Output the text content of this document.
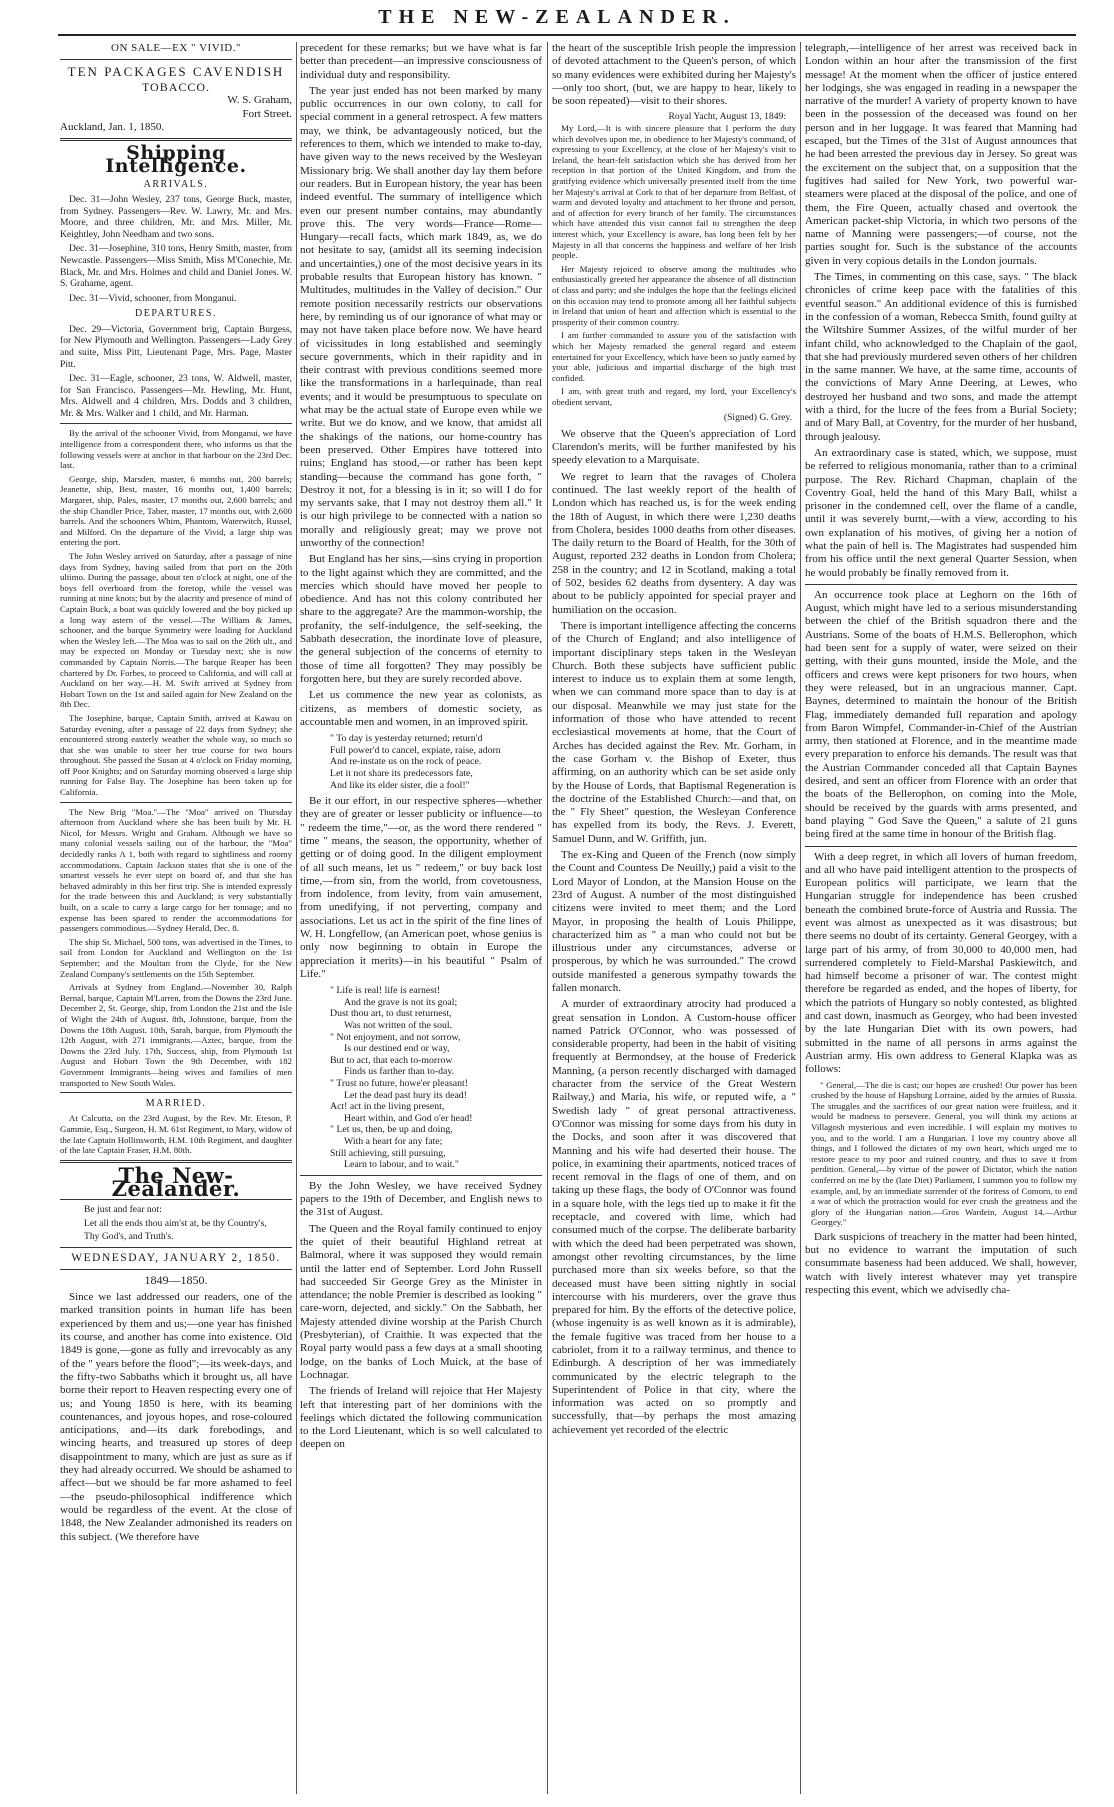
THE NEW-ZEALANDER.
ON SALE—EX " VIVID."
TEN PACKAGES CAVENDISH
TOBACCO.
W. S. Graham,
Fort Street.
Auckland, Jan. 1, 1850.
Shipping Intelligence.
ARRIVALS.

Dec. 31—John Wesley, 237 tons, George Buck, master, from Sydney. Passengers—Rev. W. Lawry, Mr. and Mrs. Moore, and three children, Mr. and Mrs. Miller, Mr. Keightley, John Needham and two sons.

Dec. 31—Josephine, 310 tons, Henry Smith, master, from Newcastle. Passengers—Miss Smith, Miss M'Conechie, Mr. Black, Mr. and Mrs. Holmes and child and Daniel Jones. W. S. Grahame, agent.

Dec. 31—Vivid, schooner, from Monganui.

DEPARTURES.

Dec. 29—Victoria, Government brig, Captain Burgess, for New Plymouth and Wellington. Passengers—Lady Grey and suite, Miss Pitt, Lieutenant Page, Mrs. Page, Master Pitt.

Dec. 31—Eagle, schooner, 23 tons, W. Aldwell, master, for San Francisco. Passengers—Mr. Hewling, Mr. Hunt, Mrs. Aldwell and 4 children, Mrs. Dodds and 3 children, Mr. & Mrs. Walker and 1 child, and Mr. Harman.

By the arrival of the schooner Vivid, from Monganui, we have intelligence from a correspondent there, who informs us that the following vessels were at anchor in that harbour on the 23rd Dec. last.

George, ship, Marsden, master, 6 months out, 200 barrels; Jeanette, ship, Best, master, 16 months out, 1,400 barrels; Margaret, ship, Pales, master, 17 months out, 2,600 barrels; and the ship Chandler Price, Taber, master, 17 months out, with 2,600 barrels. And the schooners Whim, Phantom, Waterwitch, Russel, and Milford. On the departure of the Vivid, a large ship was entering the port.

The John Wesley arrived on Saturday, after a passage of nine days from Sydney, having sailed from that port on the 20th ultimo. During the passage, about ten o'clock at night, one of the boys fell overboard from the foretop, while the vessel was running at nine knots; but by the alacrity and presence of mind of Captain Buck, a boat was quickly lowered and the boy picked up a long way astern of the vessel.—The William & James, schooner, and the barque Symmetry were loading for Auckland when the Wesley left.—The Moa was to sail on the 26th ult., and may be expected on Monday or Tuesday next; she is now commanded by Captain Norris.—The barque Reaper has been chartered by Dr. Forbes, to proceed to California, and will call at Auckland on her way.—H. M. Swift arrived at Sydney from Hobart Town on the 1st and sailed again for New Zealand on the 8th Dec.

The Josephine, barque, Captain Smith, arrived at Kawau on Saturday evening, after a passage of 22 days from Sydney; she encountered strong easterly weather the whole way, so much so that she was unable to steer her true course for two hours throughout. She passed the Susan at 4 o'clock on Friday morning, off Poor Knights; and on Saturday morning observed a large ship running for False Bay. The Josephine has been taken up for California.

The New Brig "Moa."—The "Moa" arrived on Thursday afternoon from Auckland where she has been built by Mr. H. Nicol, for Messrs. Wright and Graham. Although we have so many colonial vessels sailing out of the harbour, the "Moa" decidedly ranks A 1, both with regard to sightliness and roomy accommodations. Captain Jackson states that she is one of the smartest vessels he ever stept on board of, and that she has behaved admirably in this her first trip. She is intended expressly for the trade between this and Auckland; is very substantially built, on a scale to carry a large cargo for her tonnage; and no expense has been spared to render the accommodations for passengers commodious.—Sydney Herald, Dec. 8.

The ship St. Michael, 500 tons, was advertised in the Times, to sail from London for Auckland and Wellington on the 1st September; and the Moultan from the Clyde, for the New Zealand Company's settlements on the 15th September.

Arrivals at Sydney from England.—November 30, Ralph Bernal, barque, Captain M'Larren, from the Downs the 23rd June. December 2, St. George, ship, from London the 21st and the Isle of Wight the 24th of August. 8th, Johnstone, barque, from the Downs the 18th August. 10th, Sarah, barque, from Plymouth the 12th August, with 271 immigrants.—Aztec, barque, from the Downs the 23rd July. 17th, Success, ship, from Plymouth 1st August and Hobart Town the 9th December, with 182 Government Immigrants—being wives and families of men transported to New South Wales.

MARRIED.

At Calcutta, on the 23rd August, by the Rev. Mr. Eteson, P. Gammie, Esq., Surgeon, H. M. 61st Regiment, to Mary, widow of the late Captain Hollinsworth, H.M. 10th Regiment, and daughter of the late Captain Fraser, H.M. 80th.

The New-Zealander.
Be just and fear not:
Let all the ends thou aim'st at, be thy Country's,
Thy God's, and Truth's.
WEDNESDAY, JANUARY 2, 1850.
1849—1850.

Since we last addressed our readers, one of the marked transition points in human life has been experienced by them and us;—one year has finished its course, and another has come into existence. Old 1849 is gone,—gone as fully and irrevocably as any of the " years before the flood";—its week-days, and the fifty-two Sabbaths which it brought us, all have borne their report to Heaven respecting every one of us; and Young 1850 is here, with its beaming countenances, and joyous hopes, and rose-coloured anticipations, and—its dark forebodings, and wincing hearts, and treasured up stores of deep disappointment to many, which are just as sure as if they had already occurred. We should be ashamed to affect—but we should be far more ashamed to feel—the pseudo-philosophical indifference which would be regardless of the event. At the close of 1848, the New Zealander admonished its readers on this subject. (We therefore have

precedent for these remarks; but we have what is far better than precedent—an impressive consciousness of individual duty and responsibility.

The year just ended has not been marked by many public occurrences in our own colony, to call for special comment in a general retrospect. A few matters may, we think, be advantageously noticed, but the references to them, which we intended to make to-day, have given way to the news received by the Wesleyan Missionary brig. We shall another day lay them before our readers. But in European history, the year has been indeed eventful. The summary of intelligence which even our present number contains, may abundantly prove this. The very words—France—Rome—Hungary—recall facts, which mark 1849, as, we do not hesitate to say, (amidst all its seeming indecision and uncertainties,) one of the most decisive years in its probable results that European history has known. " Multitudes, multitudes in the Valley of decision." Our remote position necessarily restricts our observations here, by reminding us of our ignorance of what may or may not have taken place before now. We have heard of vicissitudes in long established and seemingly secure governments, which in their rapidity and in their contrast with previous conditions seemed more like the transformations in a harlequinade, than real events; and it would be presumptuous to speculate on what may be the actual state of Europe even while we write. But we do know, and we know, that amidst all the shakings of the nations, our home-country has been preserved. Other Empires have tottered into ruins; England has stood,—or rather has been kept standing—because the command has gone forth, " Destroy it not, for a blessing is in it; so will I do for my servants sake, that I may not destroy them all." It is our high privilege to be connected with a nation so morally and religiously great; may we prove not unworthy of the connection!

But England has her sins,—sins crying in proportion to the light against which they are committed, and the mercies which should have moved her people to obedience. And has not this colony contributed her share to the aggregate? Are the mammon-worship, the profanity, the self-indulgence, the self-seeking, the Sabbath desecration, the inordinate love of pleasure, the general subjection of the concerns of eternity to those of time all forgotten? They may possibly be forgotten here, but they are surely recorded above.

Let us commence the new year as colonists, as citizens, as members of domestic society, as accountable men and women, in an improved spirit.

" To day is yesterday returned; return'd
Full power'd to cancel, expiate, raise, adorn
And re-instate us on the rock of peace.
Let it not share its predecessors fate,
And like its elder sister, die a fool!"

Be it our effort, in our respective spheres—whether they are of greater or lesser publicity or influence—to " redeem the time,"—or, as the word there rendered " time " means, the season, the opportunity, whether of getting or of doing good. In the diligent employment of all such means, let us " redeem," or buy back lost time,—from sin, from the world, from covetousness, from indolence, from levity, from vain amusement, from unedifying, if not perverting, company and associations. Let us act in the spirit of the fine lines of W. H. Longfellow, (an American poet, whose genius is only now beginning to obtain in Europe the appreciation it merits)—in his beautiful " Psalm of Life."

" Life is real! life is earnest!
And the grave is not its goal;
Dust thou art, to dust returnest,
Was not written of the soul.
" Not enjoyment, and not sorrow,
Is our destined end or way,
But to act, that each to-morrow
Finds us farther than to-day.
" Trust no future, howe'er pleasant!
Let the dead past bury its dead!
Act! act in the living present,
Heart within, and God o'er head!
" Let us, then, be up and doing,
With a heart for any fate;
Still achieving, still pursuing,
Learn to labour, and to wait."

By the John Wesley, we have received Sydney papers to the 19th of December, and English news to the 31st of August.

The Queen and the Royal family continued to enjoy the quiet of their beautiful Highland retreat at Balmoral, where it was supposed they would remain until the latter end of September. Lord John Russell had succeeded Sir George Grey as the Minister in attendance; the noble Premier is described as looking " care-worn, dejected, and sickly." On the Sabbath, her Majesty attended divine worship at the Parish Church (Presbyterian), of Craithie. It was expected that the Royal party would pass a few days at a small shooting lodge, on the banks of Loch Muick, at the base of Lochnagar.

The friends of Ireland will rejoice that Her Majesty left that interesting part of her dominions with the feelings which dictated the following communication to the Lord Lieutenant, which is so well calculated to deepen on

the heart of the susceptible Irish people the impression of devoted attachment to the Queen's person, of which so many evidences were exhibited during her Majesty's—only too short, (but, we are happy to hear, likely to be soon repeated)—visit to their shores.

Royal Yacht, August 13, 1849:

My Lord,—It is with sincere pleasure that I perform the duty which devolves upon me, in obedience to her Majesty's command, of expressing to your Excellency, at the close of her Majesty's visit to Ireland, the heart-felt satisfaction which she has derived from her reception in that portion of the United Kingdom, and from the gratifying evidence which universally presented itself from the time her Majesty's arrival at Cork to that of her departure from Belfast, of warm and devoted loyalty and attachment to her throne and person, and of affection for every branch of her family. The circumstances which have attended this visit cannot fail to strengthen the deep interest which, your Excellency is aware, has long been felt by her Majesty in all that concerns the happiness and welfare of her Irish people.

Her Majesty rejoiced to observe among the multitudes who enthusiastically greeted her appearance the absence of all distinction of class and party; and she indulges the hope that the feelings elicited on this occasion may tend to promote among all her faithful subjects in Ireland that union of heart and affection which is essential to the prosperity of their common country.

I am further commanded to assure you of the satisfaction with which her Majesty remarked the general regard and esteem entertained for your Excellency, which have been so justly earned by your able, judicious and impartial discharge of the high trust confided.

I am, with great truth and regard, my lord, your Excellency's obedient servant,

(Signed) G. Grey.

We observe that the Queen's appreciation of Lord Clarendon's merits, will be further manifested by his speedy elevation to a Marquisate.

We regret to learn that the ravages of Cholera continued. The last weekly report of the health of London which has reached us, is for the week ending the 18th of August, in which there were 1,230 deaths from Cholera, besides 1000 deaths from other diseases. The daily return to the Board of Health, for the 30th of August, reported 232 deaths in London from Cholera; 258 in the country; and 12 in Scotland, making a total of 502, besides 62 deaths from dysentery. A day was about to be publicly appointed for special prayer and humiliation on the occasion.

There is important intelligence affecting the concerns of the Church of England; and also intelligence of important disciplinary steps taken in the Wesleyan Church. Both these subjects have sufficient public interest to induce us to explain them at some length, when we can command more space than to day is at our disposal. Meanwhile we may just state for the information of those who have attended to recent ecclesiastical movements at home, that the Court of Arches has decided against the Rev. Mr. Gorham, in the case Gorham v. the Bishop of Exeter, thus affirming, on an authority which can be set aside only by the House of Lords, that Baptismal Regeneration is the doctrine of the Established Church:—and that, on the " Fly Sheet" question, the Wesleyan Conference has expelled from its body, the Revs. J. Everett, Samuel Dunn, and W. Griffith, jun.

The ex-King and Queen of the French (now simply the Count and Countess De Neuilly,) paid a visit to the Lord Mayor of London, at the Mansion House on the 23rd of August. A number of the most distinguished citizens were invited to meet them; and the Lord Mayor, in proposing the health of Louis Philippe, characterized him as " a man who could not but be illustrious under any circumstances, adverse or prosperous, by which he was surrounded." The crowd outside manifested a generous sympathy towards the fallen monarch.

A murder of extraordinary atrocity had produced a great sensation in London. A Custom-house officer named Patrick O'Connor, who was possessed of considerable property, had been in the habit of visiting frequently at Bermondsey, at the house of Frederick Manning, (a person recently discharged with damaged character from the service of the Great Western Railway,) and Maria, his wife, or reputed wife, a " Swedish lady " of great personal attractiveness. O'Connor was missing for some days from his duty in the Docks, and soon after it was discovered that Manning and his wife had deserted their house. The police, in examining their apartments, noticed traces of recent removal in the flags of one of them, and on taking up these flags, the body of O'Connor was found in a square hole, with the legs tied up to make it fit the receptacle, and covered with lime, which had consumed much of the corpse. The deliberate barbarity with which the deed had been perpetrated was shown, amongst other revolting circumstances, by the lime purchased more than six weeks before, so that the deceased must have been sitting nightly in social intercourse with his murderers, over the grave thus prepared for him. By the efforts of the detective police, (whose ingenuity is as well known as it is admirable), the female fugitive was traced from her house to a cabriolet, from it to a railway terminus, and thence to Edinburgh. A description of her was immediately communicated by the electric telegraph to the Superintendent of Police in that city, where the information was acted on so promptly and successfully, that—by perhaps the most amazing achievement yet recorded of the electric

telegraph,—intelligence of her arrest was received back in London within an hour after the transmission of the first message! At the moment when the officer of justice entered her lodgings, she was engaged in reading in a newspaper the narrative of the murder! A variety of property known to have been in the possession of the deceased was found on her person and in her luggage. It was feared that Manning had escaped, but the Times of the 31st of August announces that he had been arrested the previous day in Jersey. So great was the excitement on the subject that, on a supposition that the fugitives had sailed for New York, two powerful war-steamers were placed at the disposal of the police, and one of them, the Fire Queen, actually chased and overtook the American packet-ship Victoria, in which two persons of the name of Manning were passengers;—of course, not the parties sought for. Such is the substance of the accounts given in very copious details in the London journals.

The Times, in commenting on this case, says. " The black chronicles of crime keep pace with the fatalities of this eventful season." An additional evidence of this is furnished in the confession of a woman, Rebecca Smith, found guilty at the Wiltshire Summer Assizes, of the wilful murder of her infant child, who acknowledged to the Chaplain of the gaol, that she had previously murdered seven others of her children in the same manner. We have, at the same time, accounts of the convictions of Mary Anne Deering, at Lewes, who destroyed her husband and two sons, and made the attempt with a third, for the lucre of the fees from a Burial Society; and of Mary Ball, at Coventry, for the murder of her husband, through jealousy.

An extraordinary case is stated, which, we suppose, must be referred to religious monomania, rather than to a criminal purpose. The Rev. Richard Chapman, chaplain of the Coventry Goal, held the hand of this Mary Ball, whilst a prisoner in the condemned cell, over the flame of a candle, until it was severely burnt,—with a view, according to his own explanation of his motives, of giving her a notion of what the pain of hell is. The Magistrates had suspended him from his office until the next general Quarter Session, when he would probably be finally removed from it.

An occurrence took place at Leghorn on the 16th of August, which might have led to a serious misunderstanding between the chief of the British squadron there and the Austrians. Some of the boats of H.M.S. Bellerophon, which had been sent for a supply of water, were seized on their getting, with their guns mounted, inside the Mole, and the officers and crews were kept prisoners for two hours, when they were released, but in an ungracious manner. Capt. Baynes, determined to maintain the honour of the British Flag, immediately demanded full reparation and apology from Baron Wimpfel, Commander-in-Chief of the Austrian army, then stationed at Florence, and in the meantime made every preparation to enforce his demands. The result was that the Austrian Commander conceded all that Captain Baynes desired, and sent an officer from Florence with an order that the boats of the Bellerophon, on coming into the Mole, should be received by the guards with arms presented, and band playing " God Save the Queen," a salute of 21 guns being fired at the same time in honour of the British flag.

With a deep regret, in which all lovers of human freedom, and all who have paid intelligent attention to the prospects of European politics will participate, we learn that the Hungarian struggle for independence has been crushed beneath the combined brute-force of Austria and Russia. The event was almost as unexpected as it was disastrous; but there seems no doubt of its certainty. General Georgey, with a large part of his army, of from 30,000 to 40,000 men, had surrendered completely to Field-Marshal Paskiewitch, and had himself become a prisoner of war. The contest might therefore be regarded as ended, and the hopes of liberty, for which the patriots of Hungary so nobly contested, as blighted and cast down, inasmuch as Georgey, who had been invested by the late Hungarian Diet with its own powers, had submitted in the name of all persons in arms against the Austrian army. His own address to General Klapka was as follows:

" General,—The die is cast; our hopes are crushed! Our power has been crushed by the house of Hapsburg Lorraine, aided by the armies of Russia. The struggles and the sacrifices of our great nation were fruitless, and it would be madness to persevere. General, you will think my actions at Villagosh mysterious and even incredible. I will explain my motives to you, and to the world. I am a Hungarian. I love my country above all things, and I followed the dictates of my own heart, which urged me to restore peace to my poor and ruined country, and thus to save it from perdition. General,—by virtue of the power of Dictator, which the nation conferred on me by the (late Diet) Parliament, I summon you to follow my example, and, by an immediate surrender of the fortress of Comorn, to end a war of which the protraction would for ever crush the greatness and the glory of the Hungarian nation.—Gros Wardein, August 14.—Arthur Georgey."

Dark suspicions of treachery in the matter had been hinted, but no evidence to warrant the imputation of such consummate baseness had been adduced. We shall, however, watch with lively interest whatever may yet transpire respecting this event, which we advisedly cha-
